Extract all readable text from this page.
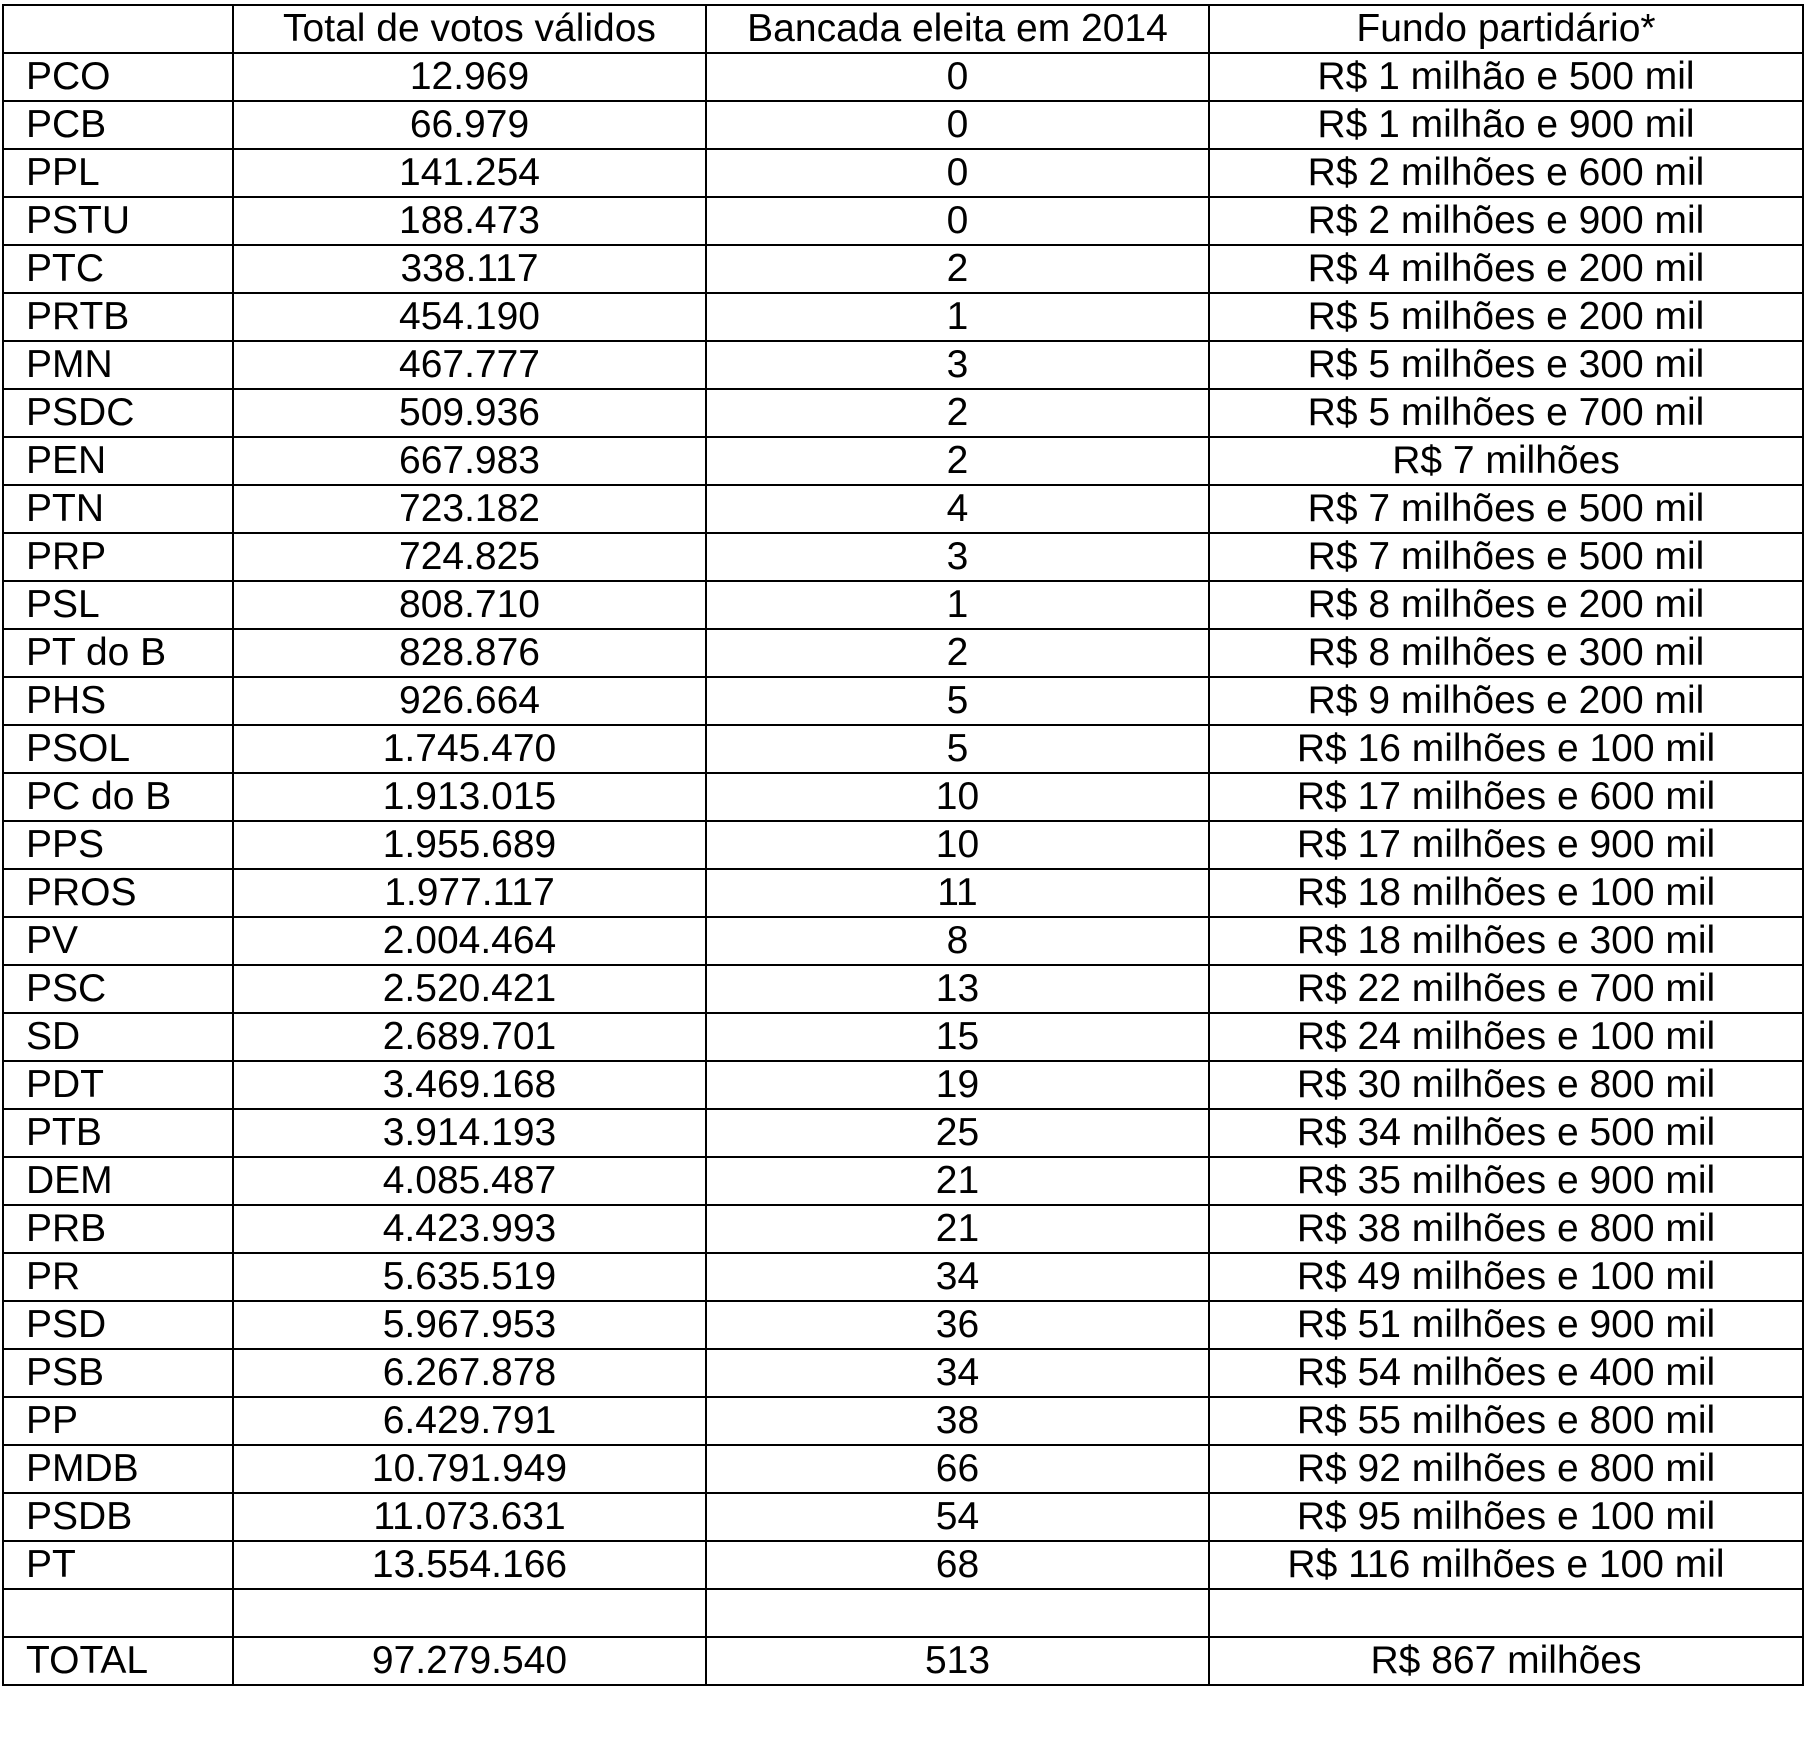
	Total de votos válidos	Bancada eleita em 2014	Fundo partidário*
PCO	12.969	0	R$ 1 milhão e 500 mil
PCB	66.979	0	R$ 1 milhão e 900 mil
PPL	141.254	0	R$ 2 milhões e 600 mil
PSTU	188.473	0	R$ 2 milhões e 900 mil
PTC	338.117	2	R$ 4 milhões e 200 mil
PRTB	454.190	1	R$ 5 milhões e 200 mil
PMN	467.777	3	R$ 5 milhões e 300 mil
PSDC	509.936	2	R$ 5 milhões e 700 mil
PEN	667.983	2	R$ 7 milhões
PTN	723.182	4	R$ 7 milhões e 500 mil
PRP	724.825	3	R$ 7 milhões e 500 mil
PSL	808.710	1	R$ 8 milhões e 200 mil
PT do B	828.876	2	R$ 8 milhões e 300 mil
PHS	926.664	5	R$ 9 milhões e 200 mil
PSOL	1.745.470	5	R$ 16 milhões e 100 mil
PC do B	1.913.015	10	R$ 17 milhões e 600 mil
PPS	1.955.689	10	R$ 17 milhões e 900 mil
PROS	1.977.117	11	R$ 18 milhões e 100 mil
PV	2.004.464	8	R$ 18 milhões e 300 mil
PSC	2.520.421	13	R$ 22 milhões e 700 mil
SD	2.689.701	15	R$ 24 milhões e 100 mil
PDT	3.469.168	19	R$ 30 milhões e 800 mil
PTB	3.914.193	25	R$ 34 milhões e 500 mil
DEM	4.085.487	21	R$ 35 milhões e 900 mil
PRB	4.423.993	21	R$ 38 milhões e 800 mil
PR	5.635.519	34	R$ 49 milhões e 100 mil
PSD	5.967.953	36	R$ 51 milhões e 900 mil
PSB	6.267.878	34	R$ 54 milhões e 400 mil
PP	6.429.791	38	R$ 55 milhões e 800 mil
PMDB	10.791.949	66	R$ 92 milhões e 800 mil
PSDB	11.073.631	54	R$ 95 milhões e 100 mil
PT	13.554.166	68	R$ 116 milhões e 100 mil

TOTAL	97.279.540	513	R$ 867 milhões
